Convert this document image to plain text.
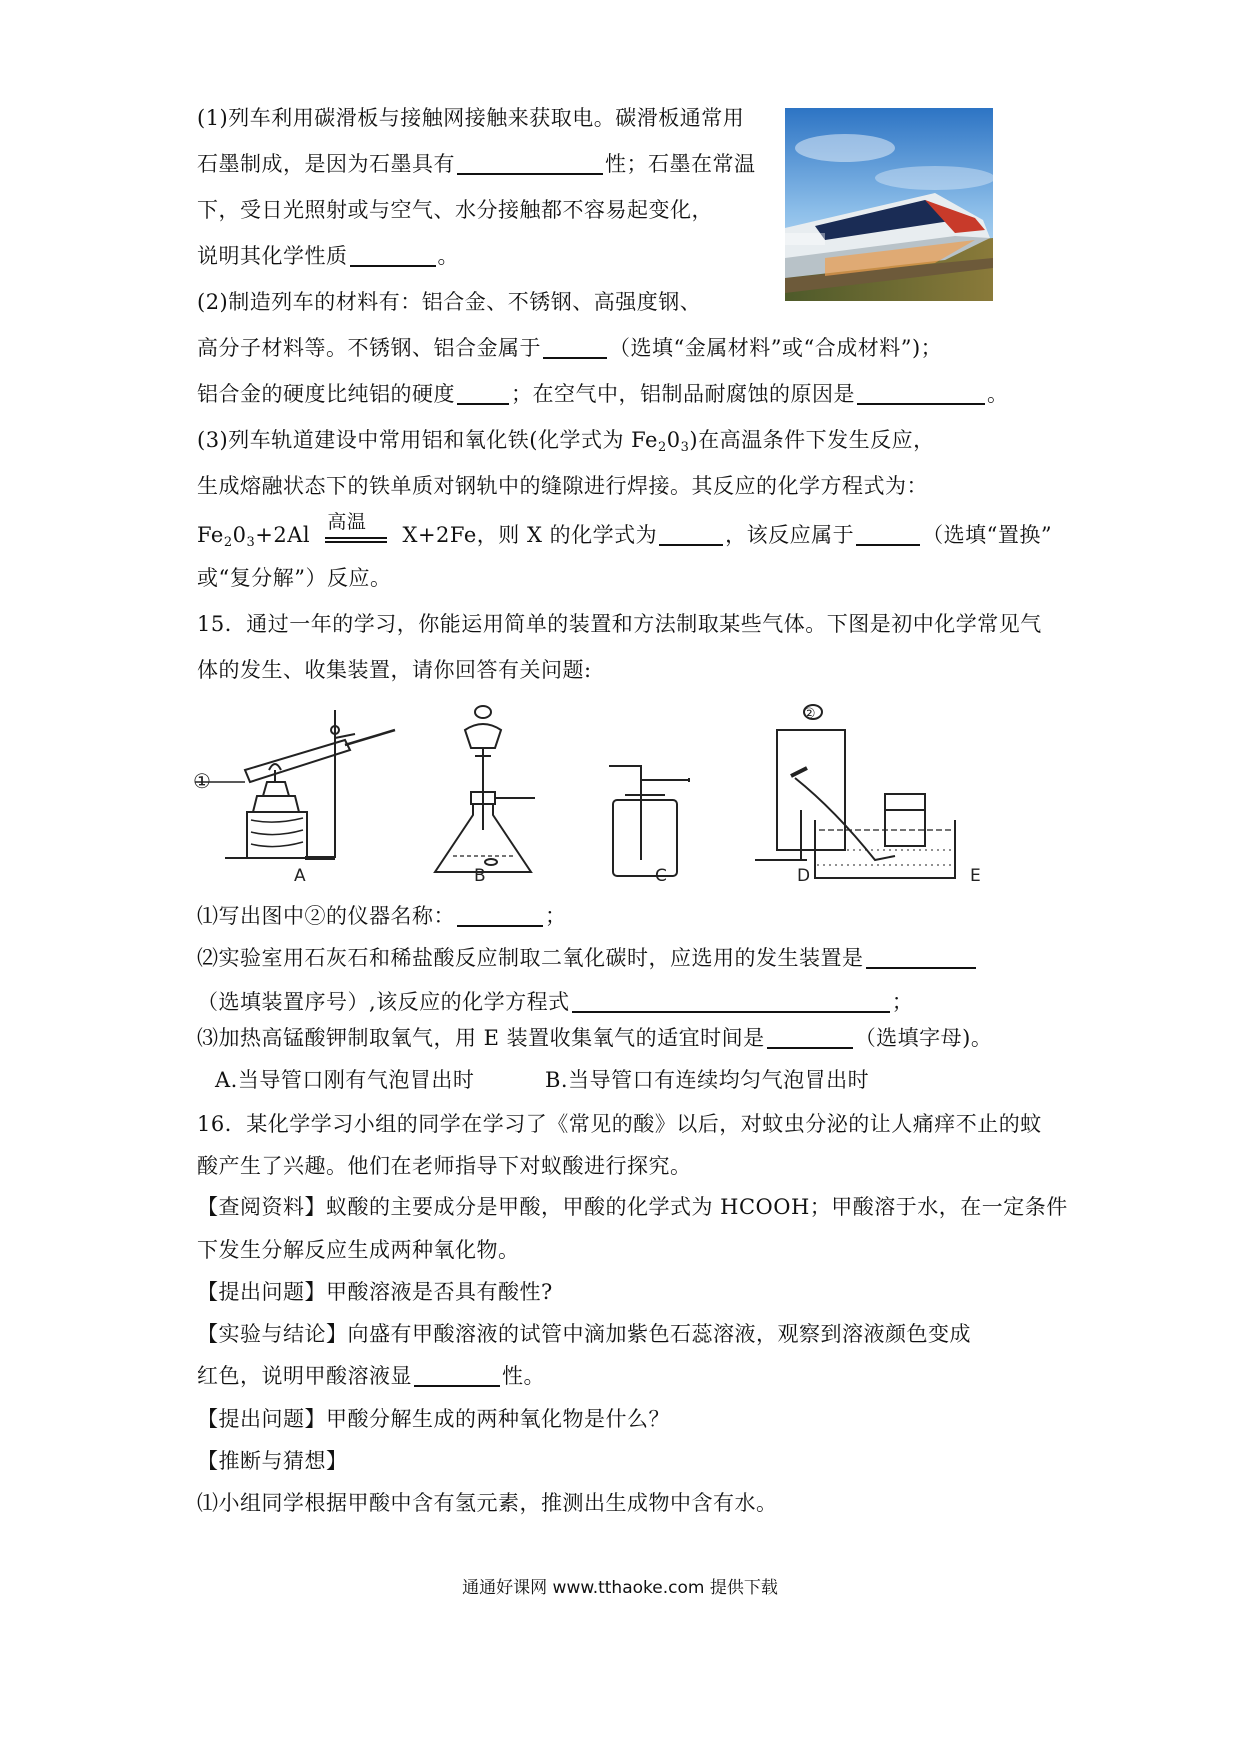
(1)列车利用碳滑板与接触网接触来获取电。碳滑板通常用
石墨制成，是因为石墨具有	性；石墨在常温
下，受日光照射或与空气、水分接触都不容易起变化，
说明其化学性质	。
(2)制造列车的材料有：铝合金、不锈钢、高强度钢、
高分子材料等。不锈钢、铝合金属于	（选填“金属材料”或“合成材料”)；
铝合金的硬度比纯铝的硬度	；在空气中，铝制品耐腐蚀的原因是	。
(3)列车轨道建设中常用铝和氧化铁(化学式为 $Fe_20_3$)在高温条件下发生反应，
生成熔融状态下的铁单质对钢轨中的缝隙进行焊接。其反应的化学方程式为：
$Fe_20_3+2Al$
高温
X+2Fe，则 X 的化学式为	，该反应属于	（选填“置换”
或“复分解”）反应。
15．通过一年的学习，你能运用简单的装置和方法制取某些气体。下图是初中化学常见气
体的发生、收集装置，请你回答有关问题:
①
②
A	B	C	D	E
⑴写出图中②的仪器名称：	；
⑵实验室用石灰石和稀盐酸反应制取二氧化碳时，应选用的发生装置是
（选填装置序号）,该反应的化学方程式	；
⑶加热高锰酸钾制取氧气，用 E 装置收集氧气的适宜时间是	（选填字母)。
A.当导管口刚有气泡冒出时	B.当导管口有连续均匀气泡冒出时
16．某化学学习小组的同学在学习了《常见的酸》以后，对蚊虫分泌的让人痛痒不止的蚊
酸产生了兴趣。他们在老师指导下对蚁酸进行探究。
【查阅资料】蚁酸的主要成分是甲酸，甲酸的化学式为 HCOOH；甲酸溶于水，在一定条件
下发生分解反应生成两种氧化物。
【提出问题】甲酸溶液是否具有酸性?
【实验与结论】向盛有甲酸溶液的试管中滴加紫色石蕊溶液，观察到溶液颜色变成
红色，说明甲酸溶液显	性。
【提出问题】甲酸分解生成的两种氧化物是什么？
【推断与猜想】
⑴小组同学根据甲酸中含有氢元素，推测出生成物中含有水。
通通好课网 www.tthaoke.com 提供下载
